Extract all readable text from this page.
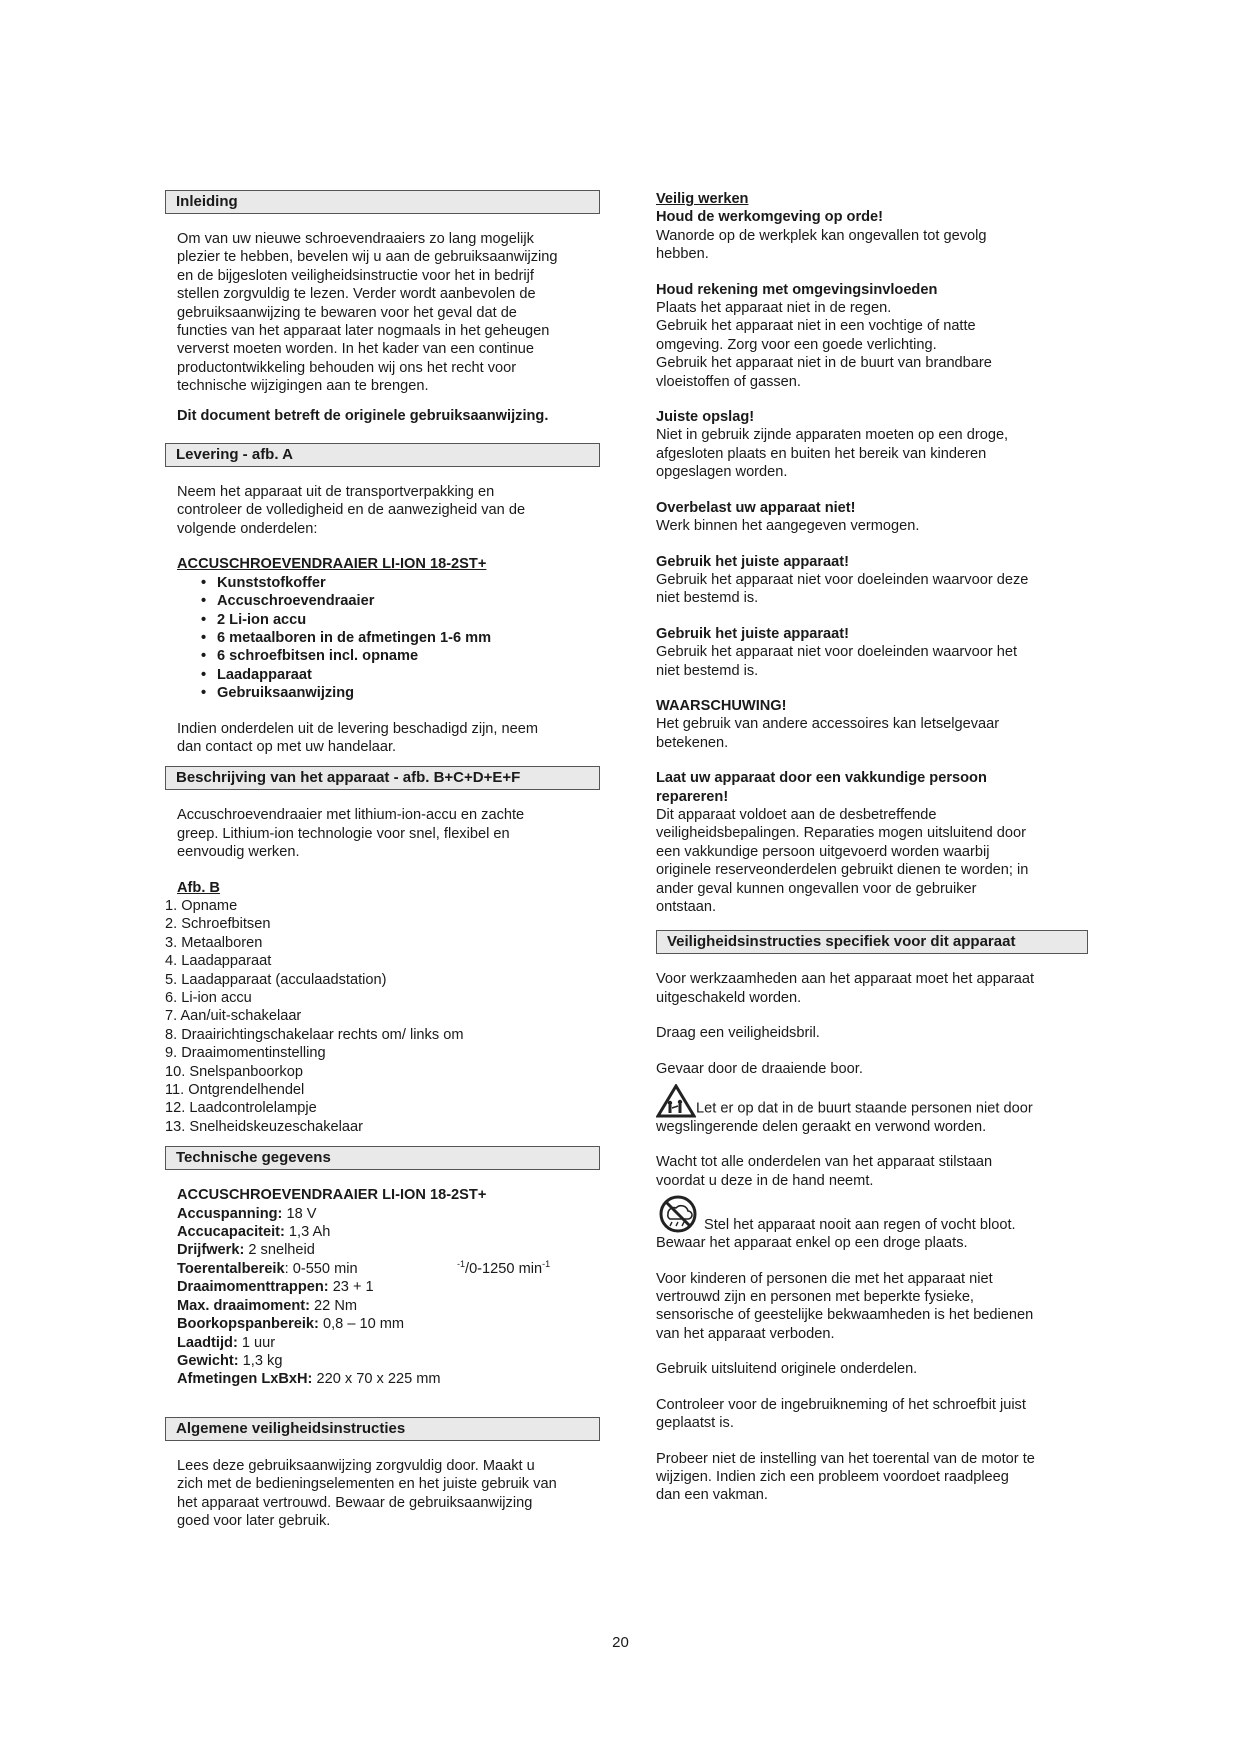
Inleiding
Om van uw nieuwe schroevendraaiers zo lang mogelijk
plezier te hebben, bevelen wij u aan de gebruiksaanwijzing
en de bijgesloten veiligheidsinstructie voor het in bedrijf
stellen zorgvuldig te lezen. Verder wordt aanbevolen de
gebruiksaanwijzing te bewaren voor het geval dat de
functies van het apparaat later nogmaals in het geheugen
ververst moeten worden. In het kader van een continue
productontwikkeling behouden wij ons het recht voor
technische wijzigingen aan te brengen.
Dit document betreft de originele gebruiksaanwijzing.
Levering - afb. A
Neem het apparaat uit de transportverpakking en
controleer de volledigheid en de aanwezigheid van de
volgende onderdelen:
ACCUSCHROEVENDRAAIER LI-ION 18-2ST+
• Kunststofkoffer
• Accuschroevendraaier
• 2 Li-ion accu
• 6 metaalboren in de afmetingen 1-6 mm
• 6 schroefbitsen incl. opname
• Laadapparaat
• Gebruiksaanwijzing
Indien onderdelen uit de levering beschadigd zijn, neem
dan contact op met uw handelaar.
Beschrijving van het apparaat - afb. B+C+D+E+F
Accuschroevendraaier met lithium-ion-accu en zachte
greep. Lithium-ion technologie voor snel, flexibel en
eenvoudig werken.
Afb. B
1. Opname
2. Schroefbitsen
3. Metaalboren
4. Laadapparaat
5. Laadapparaat (acculaadstation)
6. Li-ion accu
7. Aan/uit-schakelaar
8. Draairichtingschakelaar rechts om/ links om
9. Draaimomentinstelling
10. Snelspanboorkop
11. Ontgrendelhendel
12. Laadcontrolelampje
13. Snelheidskeuzeschakelaar
Technische gegevens
ACCUSCHROEVENDRAAIER LI-ION 18-2ST+
Accuspanning: 18 V
Accucapaciteit: 1,3 Ah
Drijfwerk: 2 snelheid
Toerentalbereik: 0-550 min	$^{-1}$/0-1250 $\min^{-1}$
Draaimomenttrappen: 23 + 1
Max. draaimoment: 22 Nm
Boorkopspanbereik: 0,8 – 10 mm
Laadtijd: 1 uur
Gewicht: 1,3 kg
Afmetingen LxBxH: 220 x 70 x 225 mm
Algemene veiligheidsinstructies
Lees deze gebruiksaanwijzing zorgvuldig door. Maakt u
zich met de bedieningselementen en het juiste gebruik van
het apparaat vertrouwd. Bewaar de gebruiksaanwijzing
goed voor later gebruik.
Veilig werken
Houd de werkomgeving op orde!
Wanorde op de werkplek kan ongevallen tot gevolg
hebben.
Houd rekening met omgevingsinvloeden
Plaats het apparaat niet in de regen.
Gebruik het apparaat niet in een vochtige of natte
omgeving. Zorg voor een goede verlichting.
Gebruik het apparaat niet in de buurt van brandbare
vloeistoffen of gassen.
Juiste opslag!
Niet in gebruik zijnde apparaten moeten op een droge,
afgesloten plaats en buiten het bereik van kinderen
opgeslagen worden.
Overbelast uw apparaat niet!
Werk binnen het aangegeven vermogen.
Gebruik het juiste apparaat!
Gebruik het apparaat niet voor doeleinden waarvoor deze
niet bestemd is.
Gebruik het juiste apparaat!
Gebruik het apparaat niet voor doeleinden waarvoor het
niet bestemd is.
WAARSCHUWING!
Het gebruik van andere accessoires kan letselgevaar
betekenen.
Laat uw apparaat door een vakkundige persoon
repareren!
Dit apparaat voldoet aan de desbetreffende
veiligheidsbepalingen. Reparaties mogen uitsluitend door
een vakkundige persoon uitgevoerd worden waarbij
originele reserveonderdelen gebruikt dienen te worden; in
ander geval kunnen ongevallen voor de gebruiker
ontstaan.
Veiligheidsinstructies specifiek voor dit apparaat
Voor werkzaamheden aan het apparaat moet het apparaat
uitgeschakeld worden.
Draag een veiligheidsbril.
Gevaar door de draaiende boor.
Let er op dat in de buurt staande personen niet door
wegslingerende delen geraakt en verwond worden.
Wacht tot alle onderdelen van het apparaat stilstaan
voordat u deze in de hand neemt.
Stel het apparaat nooit aan regen of vocht bloot.
Bewaar het apparaat enkel op een droge plaats.
Voor kinderen of personen die met het apparaat niet
vertrouwd zijn en personen met beperkte fysieke,
sensorische of geestelijke bekwaamheden is het bedienen
van het apparaat verboden.
Gebruik uitsluitend originele onderdelen.
Controleer voor de ingebruikneming of het schroefbit juist
geplaatst is.
Probeer niet de instelling van het toerental van de motor te
wijzigen. Indien zich een probleem voordoet raadpleeg
dan een vakman.
20
